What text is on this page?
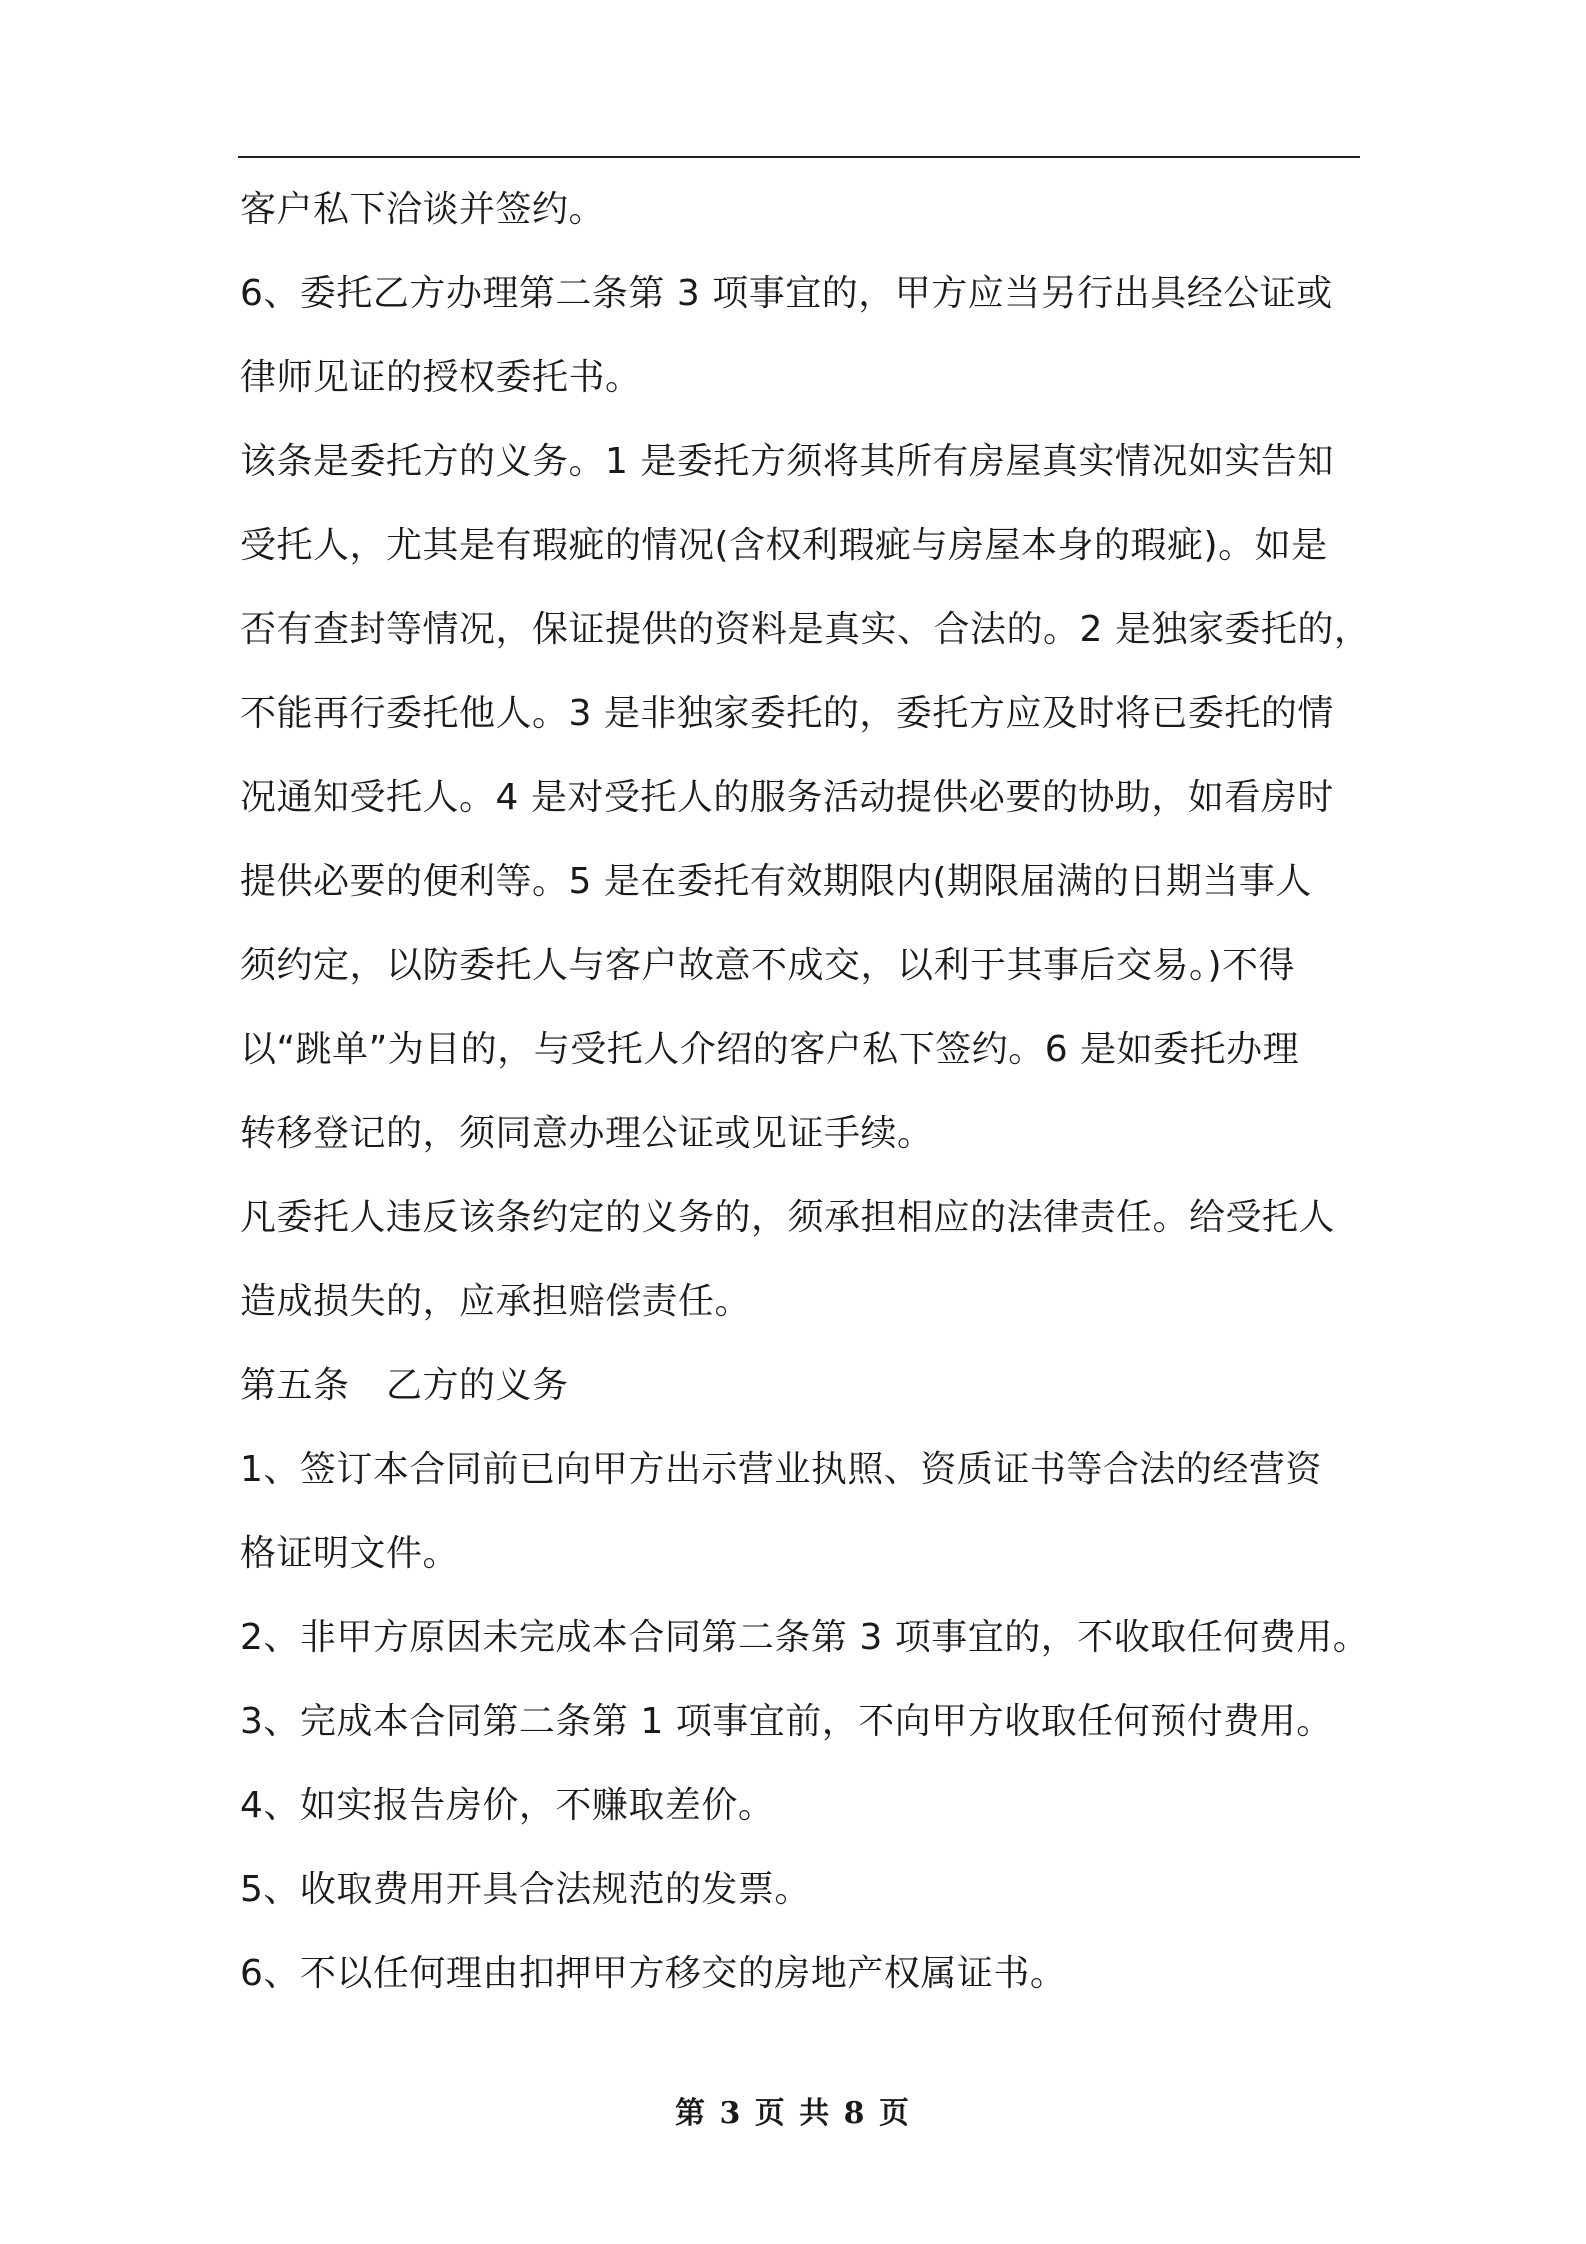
客户私下洽谈并签约。
6、委托乙方办理第二条第 3 项事宜的，甲方应当另行出具经公证或
律师见证的授权委托书。
该条是委托方的义务。1 是委托方须将其所有房屋真实情况如实告知
受托人，尤其是有瑕疵的情况(含权利瑕疵与房屋本身的瑕疵)。如是
否有查封等情况，保证提供的资料是真实、合法的。2 是独家委托的，
不能再行委托他人。3 是非独家委托的，委托方应及时将已委托的情
况通知受托人。4 是对受托人的服务活动提供必要的协助，如看房时
提供必要的便利等。5 是在委托有效期限内(期限届满的日期当事人
须约定，以防委托人与客户故意不成交，以利于其事后交易。)不得
以“跳单”为目的，与受托人介绍的客户私下签约。6 是如委托办理
转移登记的，须同意办理公证或见证手续。
凡委托人违反该条约定的义务的，须承担相应的法律责任。给受托人
造成损失的，应承担赔偿责任。
第五条　乙方的义务
1、签订本合同前已向甲方出示营业执照、资质证书等合法的经营资
格证明文件。
2、非甲方原因未完成本合同第二条第 3 项事宜的，不收取任何费用。
3、完成本合同第二条第 1 项事宜前，不向甲方收取任何预付费用。
4、如实报告房价，不赚取差价。
5、收取费用开具合法规范的发票。
6、不以任何理由扣押甲方移交的房地产权属证书。
第 3 页 共 8 页
